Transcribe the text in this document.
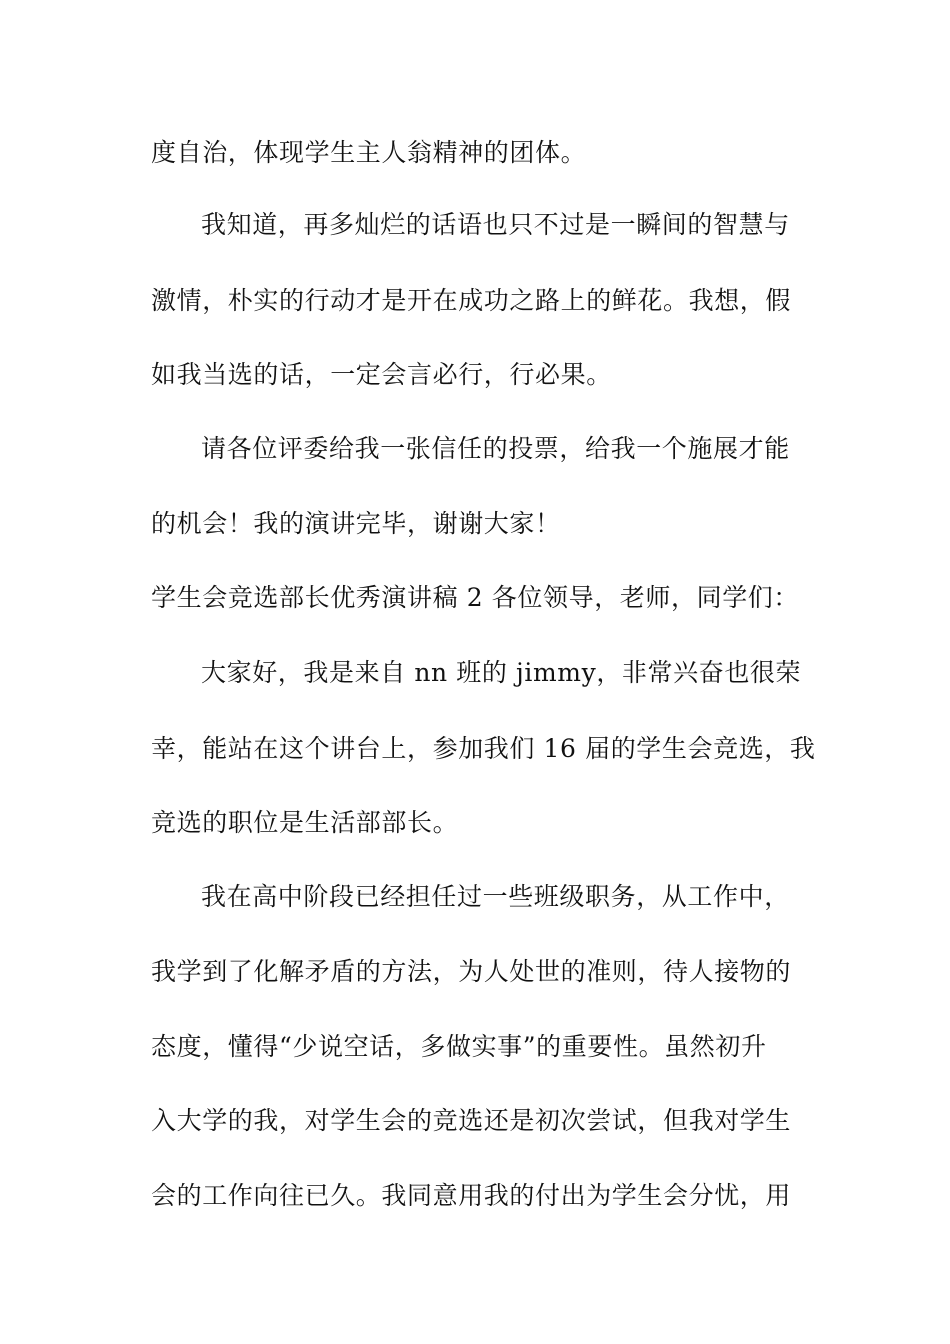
度自治，体现学生主人翁精神的团体。
我知道，再多灿烂的话语也只不过是一瞬间的智慧与
激情，朴实的行动才是开在成功之路上的鲜花。我想，假
如我当选的话，一定会言必行，行必果。
请各位评委给我一张信任的投票，给我一个施展才能
的机会！我的演讲完毕，谢谢大家！
学生会竞选部长优秀演讲稿 2 各位领导，老师，同学们：
大家好，我是来自 nn 班的 jimmy，非常兴奋也很荣
幸，能站在这个讲台上，参加我们 16 届的学生会竞选，我
竞选的职位是生活部部长。
我在高中阶段已经担任过一些班级职务，从工作中，
我学到了化解矛盾的方法，为人处世的准则，待人接物的
态度，懂得“少说空话，多做实事”的重要性。虽然初升
入大学的我，对学生会的竞选还是初次尝试，但我对学生
会的工作向往已久。我同意用我的付出为学生会分忧，用
